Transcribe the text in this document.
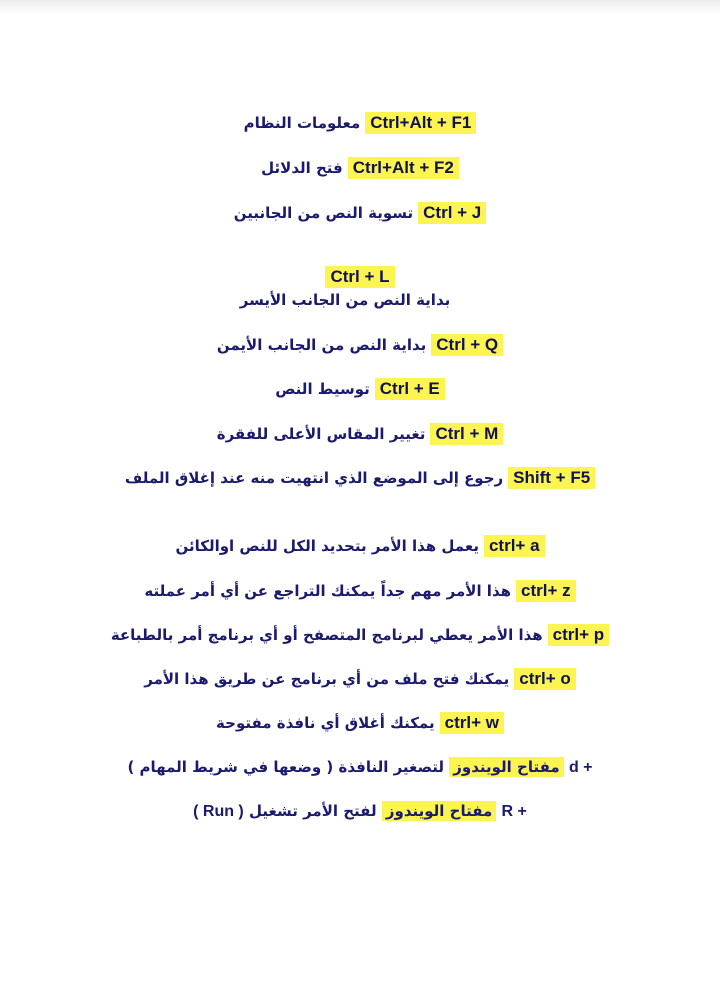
Ctrl+Alt + F1معلومات النظام
Ctrl+Alt + F2فتح الدلائل
Ctrl + Jتسوية النص من الجانبين
Ctrl + L
بداية النص من الجانب الأيسر
Ctrl + Qبداية النص من الجانب الأيمن
Ctrl + Eتوسيط النص
Ctrl + Mتغيير المقاس الأعلى للفقرة
Shift + F5رجوع إلى الموضع الذي انتهيت منه عند إغلاق الملف
ctrl+ aيعمل هذا الأمر بتحديد الكل للنص اوالكائن
ctrl+ zهذا الأمر مهم جداً يمكنك التراجع عن أي أمر عملته
ctrl+ pهذا الأمر يعطي لبرنامج المتصفح أو أي برنامج أمر بالطباعة
ctrl+ oيمكنك فتح ملف من أي برنامج عن طريق هذا الأمر
ctrl+ wيمكنك أغلاق أي نافذة مفتوحة
d + مفتاح الويندوز لتصغير النافذة ( وضعها في شريط المهام )
R + مفتاح الويندوز لفتح الأمر تشغيل ( Run )
